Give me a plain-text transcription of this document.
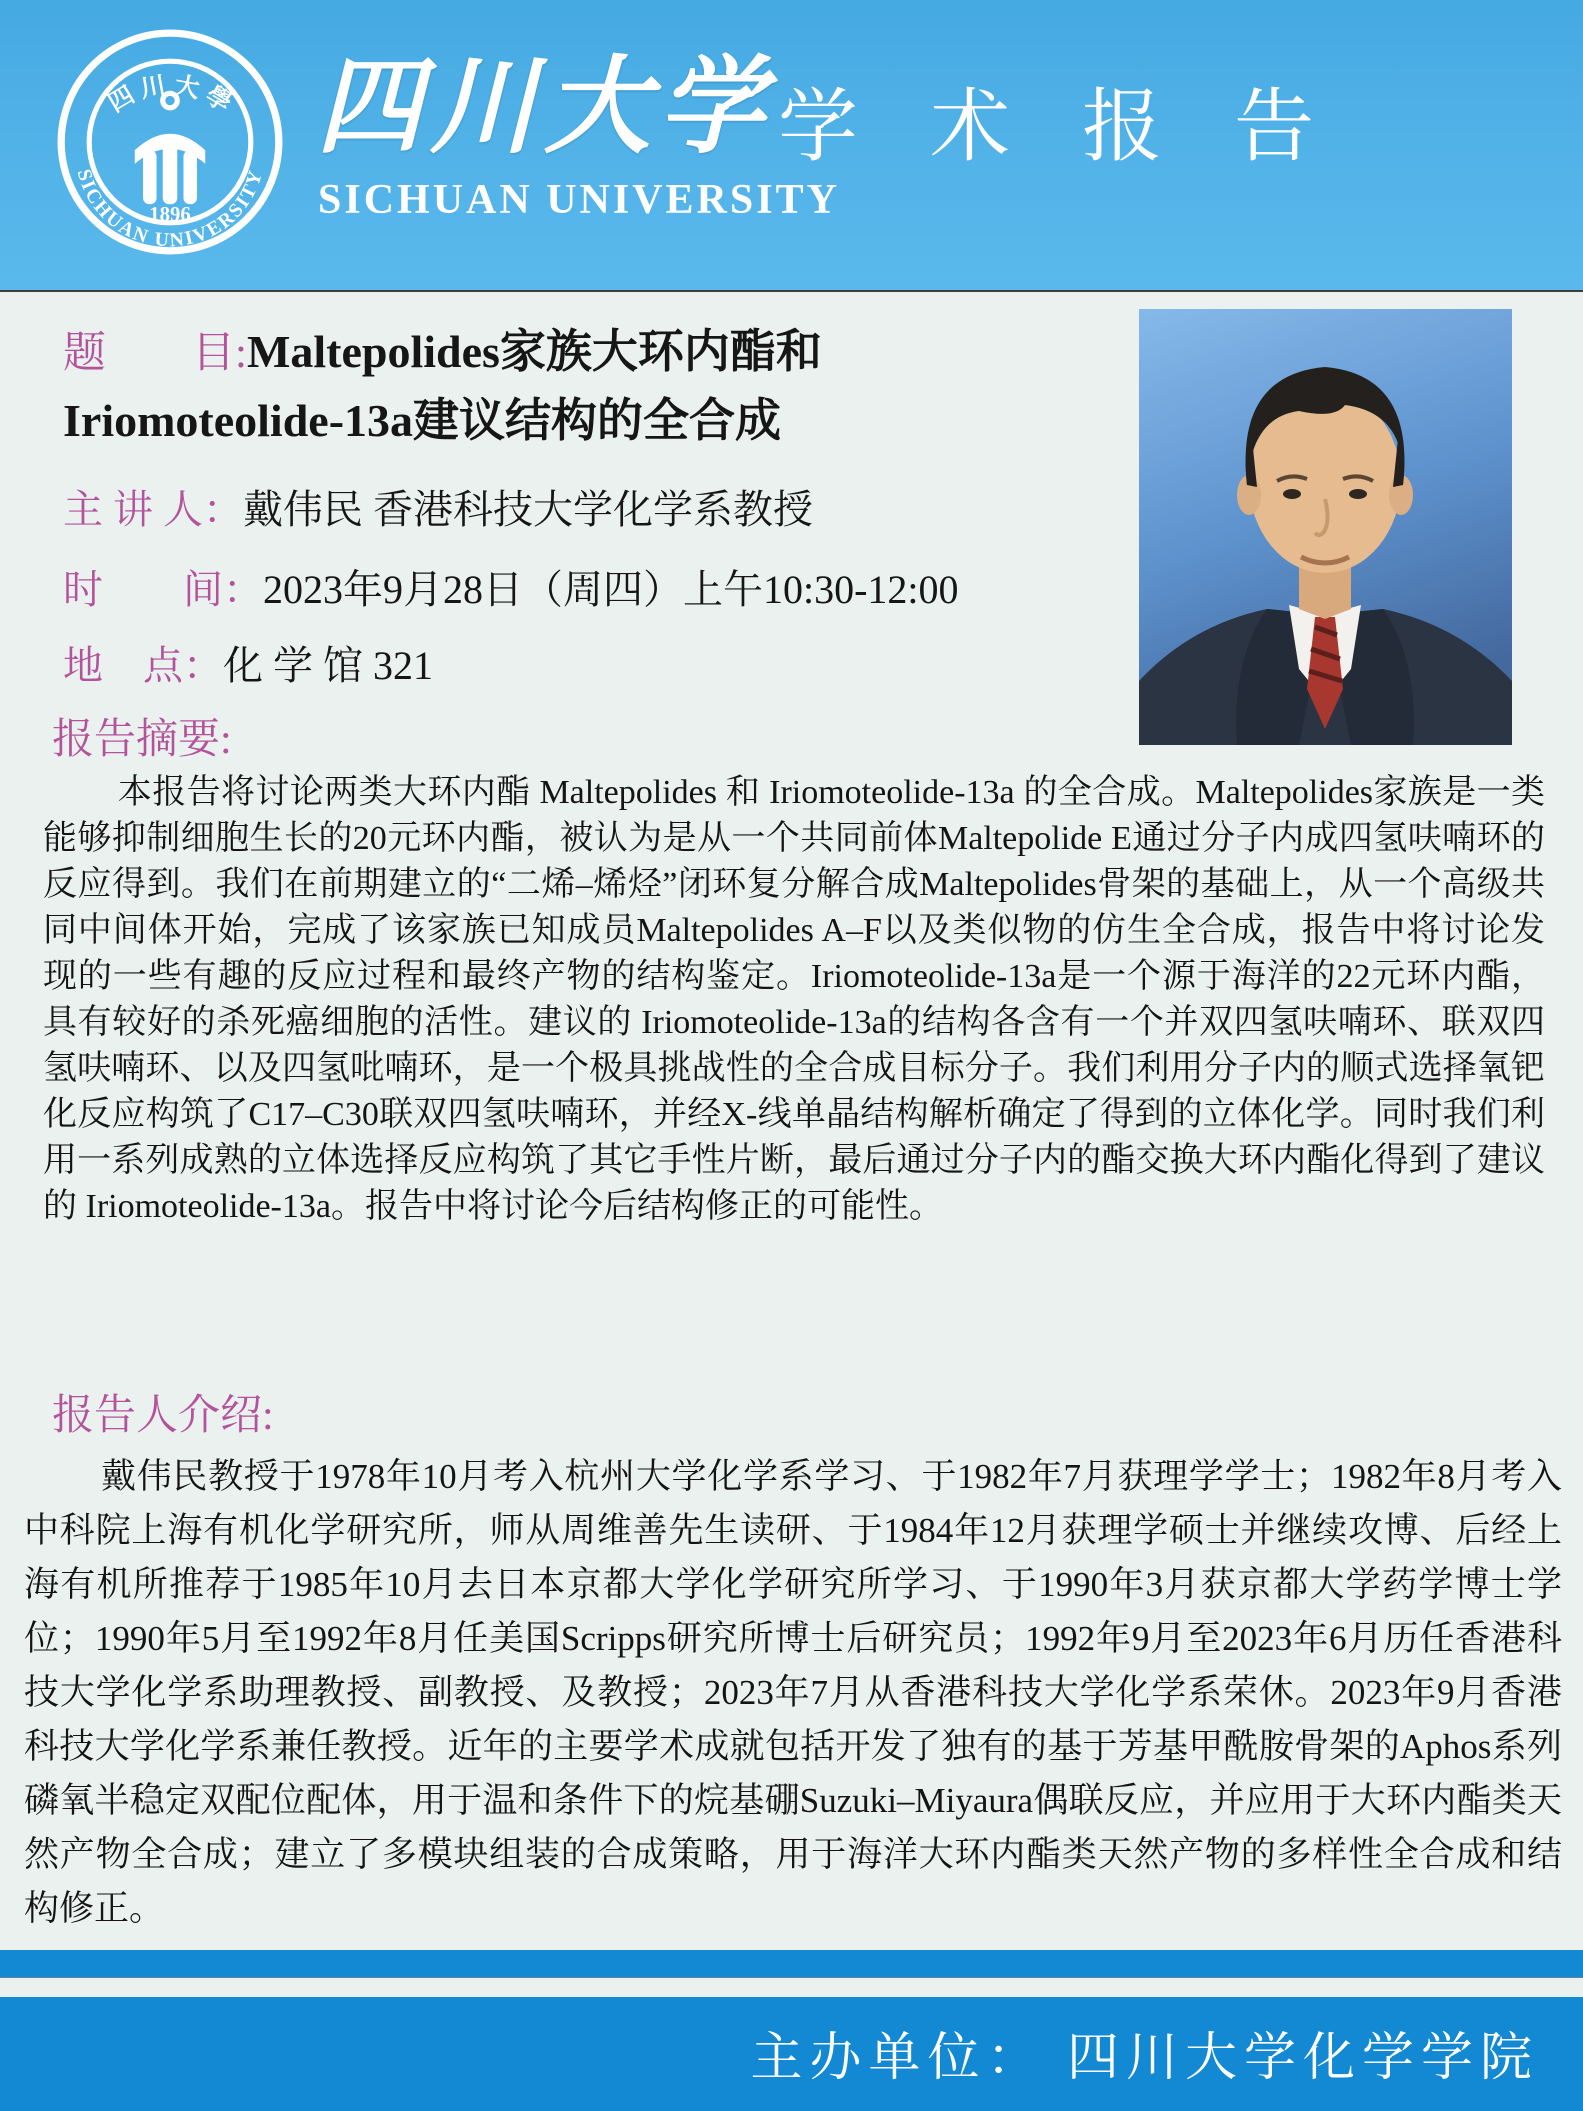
四 川 大 學
SICHUAN UNIVERSITY
1896
四川大学
SICHUAN UNIVERSITY
学 术 报 告
题　　目:Maltepolides家族大环内酯和Iriomoteolide-13a建议结构的全合成
主 讲 人：戴伟民 香港科技大学化学系教授
时　　间：2023年9月28日（周四）上午10:30-12:00
地　点：化 学 馆 321
报告摘要:
本报告将讨论两类大环内酯 Maltepolides 和 Iriomoteolide-13a 的全合成。Maltepolides家族是一类能够抑制细胞生长的20元环内酯，被认为是从一个共同前体Maltepolide E通过分子内成四氢呋喃环的反应得到。我们在前期建立的“二烯–烯烃”闭环复分解合成Maltepolides骨架的基础上，从一个高级共同中间体开始，完成了该家族已知成员Maltepolides A–F以及类似物的仿生全合成，报告中将讨论发现的一些有趣的反应过程和最终产物的结构鉴定。Iriomoteolide-13a是一个源于海洋的22元环内酯，具有较好的杀死癌细胞的活性。建议的 Iriomoteolide-13a的结构各含有一个并双四氢呋喃环、联双四氢呋喃环、以及四氢吡喃环，是一个极具挑战性的全合成目标分子。我们利用分子内的顺式选择氧钯化反应构筑了C17–C30联双四氢呋喃环，并经X-线单晶结构解析确定了得到的立体化学。同时我们利用一系列成熟的立体选择反应构筑了其它手性片断，最后通过分子内的酯交换大环内酯化得到了建议的 Iriomoteolide-13a。报告中将讨论今后结构修正的可能性。
报告人介绍:
戴伟民教授于1978年10月考入杭州大学化学系学习、于1982年7月获理学学士；1982年8月考入中科院上海有机化学研究所，师从周维善先生读研、于1984年12月获理学硕士并继续攻博、后经上海有机所推荐于1985年10月去日本京都大学化学研究所学习、于1990年3月获京都大学药学博士学位；1990年5月至1992年8月任美国Scripps研究所博士后研究员；1992年9月至2023年6月历任香港科技大学化学系助理教授、副教授、及教授；2023年7月从香港科技大学化学系荣休。2023年9月香港科技大学化学系兼任教授。近年的主要学术成就包括开发了独有的基于芳基甲酰胺骨架的Aphos系列磷氧半稳定双配位配体，用于温和条件下的烷基硼Suzuki–Miyaura偶联反应，并应用于大环内酯类天然产物全合成；建立了多模块组装的合成策略，用于海洋大环内酯类天然产物的多样性全合成和结构修正。
主办单位： 四川大学化学学院
